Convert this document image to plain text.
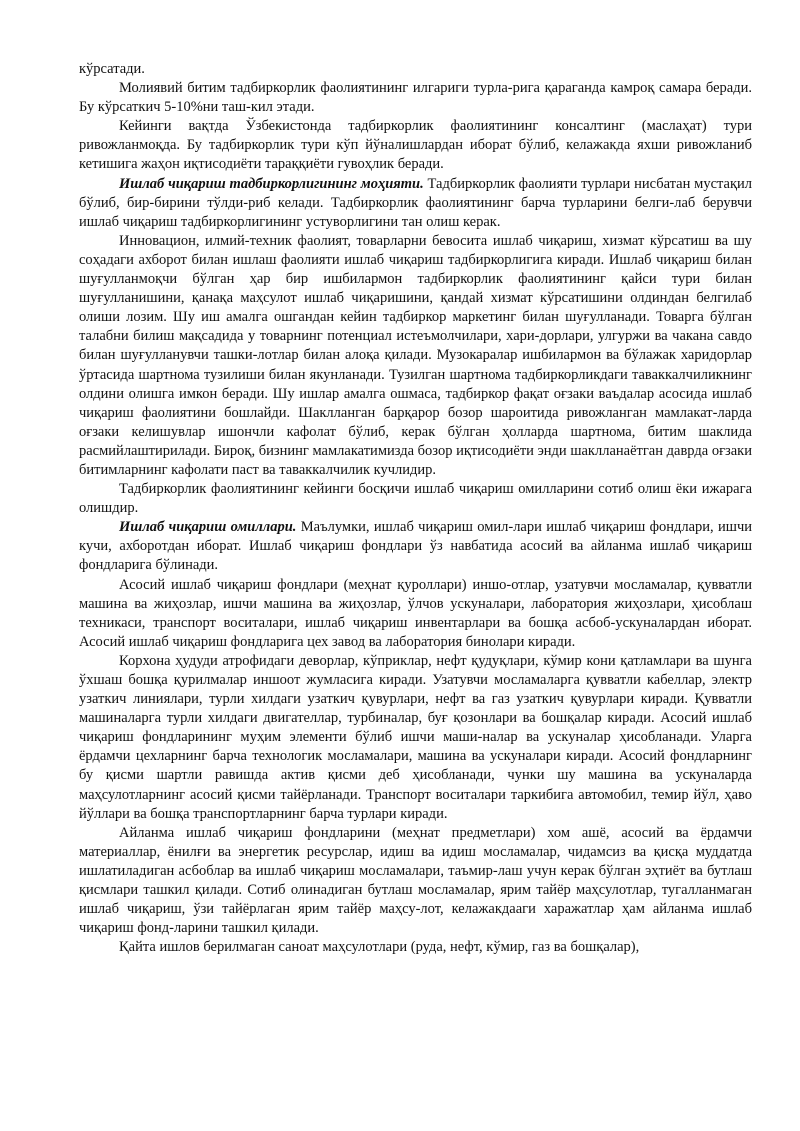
кўрсатади.

Молиявий битим тадбиркорлик фаолиятининг илгариги турла-рига қараганда камроқ самара беради. Бу кўрсаткич 5-10%ни таш-кил этади.

Кейинги вақтда Ўзбекистонда тадбиркорлик фаолиятининг консалтинг (маслаҳат) тури ривожланмоқда. Бу тадбиркорлик тури кўп йўналишлардан иборат бўлиб, келажакда яхши ривожланиб кетишига жаҳон иқтисодиёти тараққиёти гувоҳлик беради.

Ишлаб чиқариш тадбиркорлигининг моҳияти. Тадбиркорлик фаолияти турлари нисбатан мустақил бўлиб, бир-бирини тўлди-риб келади. Тадбиркорлик фаолиятининг барча турларини белги-лаб берувчи ишлаб чиқариш тадбиркорлигининг устуворлигини тан олиш керак.

Инновацион, илмий-техник фаолият, товарларни бевосита ишлаб чиқариш, хизмат кўрсатиш ва шу соҳадаги ахборот билан ишлаш фаолияти ишлаб чиқариш тадбиркорлигига киради. Ишлаб чиқариш билан шуғулланмоқчи бўлган ҳар бир ишбилармон тадбиркорлик фаолиятининг қайси тури билан шуғулланишини, қанақа маҳсулот ишлаб чиқаришини, қандай хизмат кўрсатишини олдиндан белгилаб олиши лозим. Шу иш амалга ошгандан кейин тадбиркор маркетинг билан шуғулланади. Товарга бўлган талабни билиш мақсадида у товарнинг потенциал истеъмолчилари, хари-дорлари, улгуржи ва чакана савдо билан шуғулланувчи ташки-лотлар билан алоқа қилади. Музокаралар ишбилармон ва бўлажак харидорлар ўртасида шартнома тузилиши билан якунланади. Тузилган шартнома тадбиркорликдаги таваккалчиликнинг олдини олишга имкон беради. Шу ишлар амалга ошмаса, тадбиркор фақат оғзаки ваъдалар асосида ишлаб чиқариш фаолиятини бошлайди. Шаклланган барқарор бозор шароитида ривожланган мамлакат-ларда оғзаки келишувлар ишончли кафолат бўлиб, керак бўлган ҳолларда шартнома, битим шаклида расмийлаштирилади. Бироқ, бизнинг мамлакатимизда бозор иқтисодиёти энди шаклланаётган даврда оғзаки битимларнинг кафолати паст ва таваккалчилик кучлидир.

Тадбиркорлик фаолиятининг кейинги босқичи ишлаб чиқариш омилларини сотиб олиш ёки ижарага олишдир.

Ишлаб чиқариш омиллари. Маълумки, ишлаб чиқариш омил-лари ишлаб чиқариш фондлари, ишчи кучи, ахборотдан иборат. Ишлаб чиқариш фондлари ўз навбатида асосий ва айланма ишлаб чиқариш фондларига бўлинади.

Асосий ишлаб чиқариш фондлари (меҳнат қуроллари) иншо-отлар, узатувчи мосламалар, қувватли машина ва жиҳозлар, ишчи машина ва жиҳозлар, ўлчов ускуналари, лаборатория жиҳозлари, ҳисоблаш техникаси, транспорт воситалари, ишлаб чиқариш инвентарлари ва бошқа асбоб-ускуналардан иборат. Асосий ишлаб чиқариш фондларига цех завод ва лаборатория бинолари киради.

Корхона ҳудуди атрофидаги деворлар, кўприклар, нефт қудуқлари, кўмир кони қатламлари ва шунга ўхшаш бошқа қурилмалар иншоот жумласига киради. Узатувчи мосламаларга қувватли кабеллар, электр узаткич линиялари, турли хилдаги узаткич қувурлари, нефт ва газ узаткич қувурлари киради. Қувватли машиналарга турли хилдаги двигателлар, турбиналар, буғ қозонлари ва бошқалар киради. Асосий ишлаб чиқариш фондларининг муҳим элементи бўлиб ишчи маши-налар ва ускуналар ҳисобланади. Уларга ёрдамчи цехларнинг барча технологик мосламалари, машина ва ускуналари киради. Асосий фондларнинг бу қисми шартли равишда актив қисми деб ҳисобланади, чунки шу машина ва ускуналарда маҳсулотларнинг асосий қисми тайёрланади. Транспорт воситалари таркибига автомобил, темир йўл, ҳаво йўллари ва бошқа транспортларнинг барча турлари киради.

Айланма ишлаб чиқариш фондларини (меҳнат предметлари) хом ашё, асосий ва ёрдамчи материаллар, ёнилғи ва энергетик ресурслар, идиш ва идиш мосламалар, чидамсиз ва қисқа муддатда ишлатиладиган асбоблар ва ишлаб чиқариш мосламалари, таъмир-лаш учун керак бўлган эҳтиёт ва бутлаш қисмлари ташкил қилади. Сотиб олинадиган бутлаш мосламалар, ярим тайёр маҳсулотлар, тугалланмаган ишлаб чиқариш, ўзи тайёрлаган ярим тайёр маҳсу-лот, келажакдааги харажатлар ҳам айланма ишлаб чиқариш фонд-ларини ташкил қилади.

Қайта ишлов берилмаган саноат маҳсулотлари (руда, нефт, кўмир, газ ва бошқалар),
